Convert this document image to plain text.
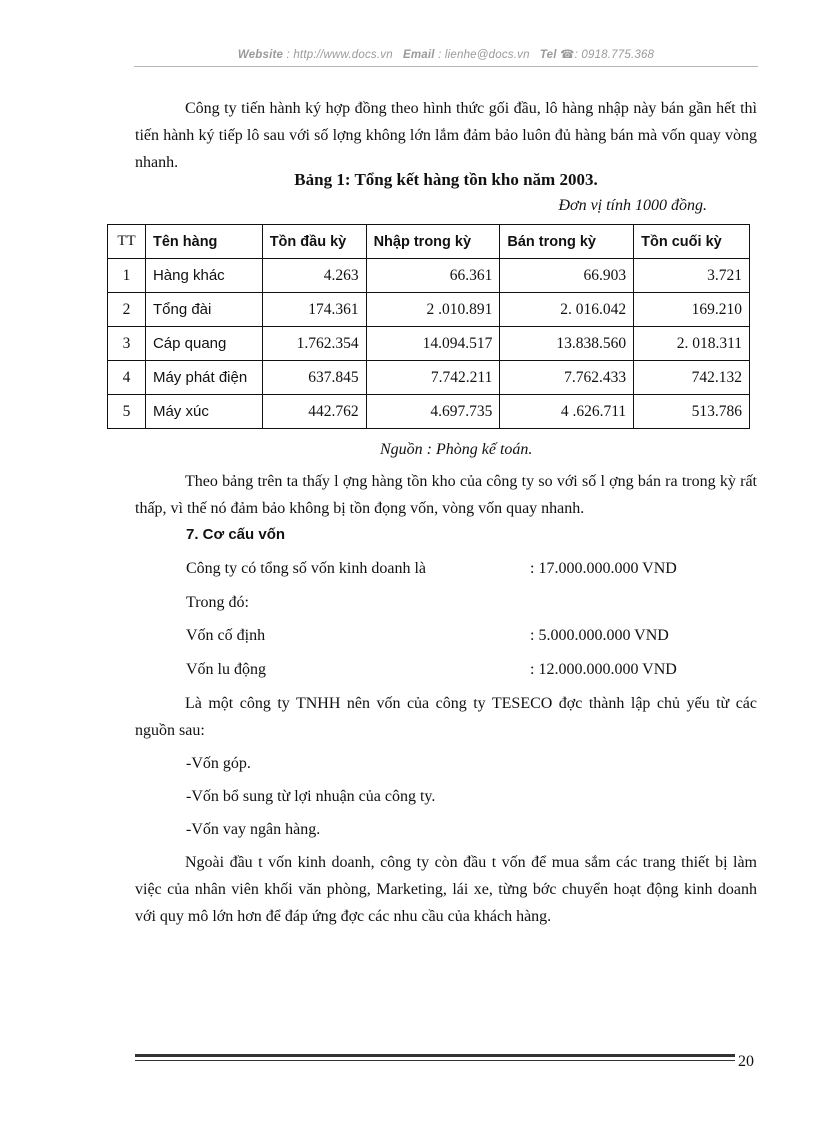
Website : http://www.docs.vn Email : lienhe@docs.vn Tel ☎: 0918.775.368
Công ty tiến hành ký hợp đồng theo hình thức gối đầu, lô hàng nhập này bán gần hết thì tiến hành ký tiếp lô sau với số lợng không lớn lắm đảm bảo luôn đủ hàng bán mà vốn quay vòng nhanh.
Bảng 1: Tổng kết hàng tồn kho năm 2003.
Đơn vị tính 1000 đồng.
TT	Tên hàng	Tồn đầu kỳ	Nhập trong kỳ	Bán trong kỳ	Tồn cuối kỳ
1	Hàng khác	4.263	66.361	66.903	3.721
2	Tổng đài	174.361	2 .010.891	2. 016.042	169.210
3	Cáp quang	1.762.354	14.094.517	13.838.560	2. 018.311
4	Máy phát điện	637.845	7.742.211	7.762.433	742.132
5	Máy xúc	442.762	4.697.735	4 .626.711	513.786
Nguồn : Phòng kế toán.
Theo bảng trên ta thấy l ợng hàng tồn kho của công ty so với số l ợng bán ra trong kỳ rất thấp, vì thế nó đảm bảo không bị tồn đọng vốn, vòng vốn quay nhanh.
7. Cơ cấu vốn
Công ty có tổng số vốn kinh doanh là	: 17.000.000.000 VND
Trong đó:
Vốn cố định	: 5.000.000.000 VND
Vốn lu động	: 12.000.000.000 VND
Là một công ty TNHH nên vốn của công ty TESECO đợc thành lập chủ yếu từ các nguồn sau:
-Vốn góp.
-Vốn bổ sung từ lợi nhuận của công ty.
-Vốn vay ngân hàng.
Ngoài đầu t vốn kinh doanh, công ty còn đầu t vốn để mua sắm các trang thiết bị làm việc của nhân viên khối văn phòng, Marketing, lái xe, từng bớc chuyển hoạt động kinh doanh với quy mô lớn hơn để đáp ứng đợc các nhu cầu của khách hàng.
20
